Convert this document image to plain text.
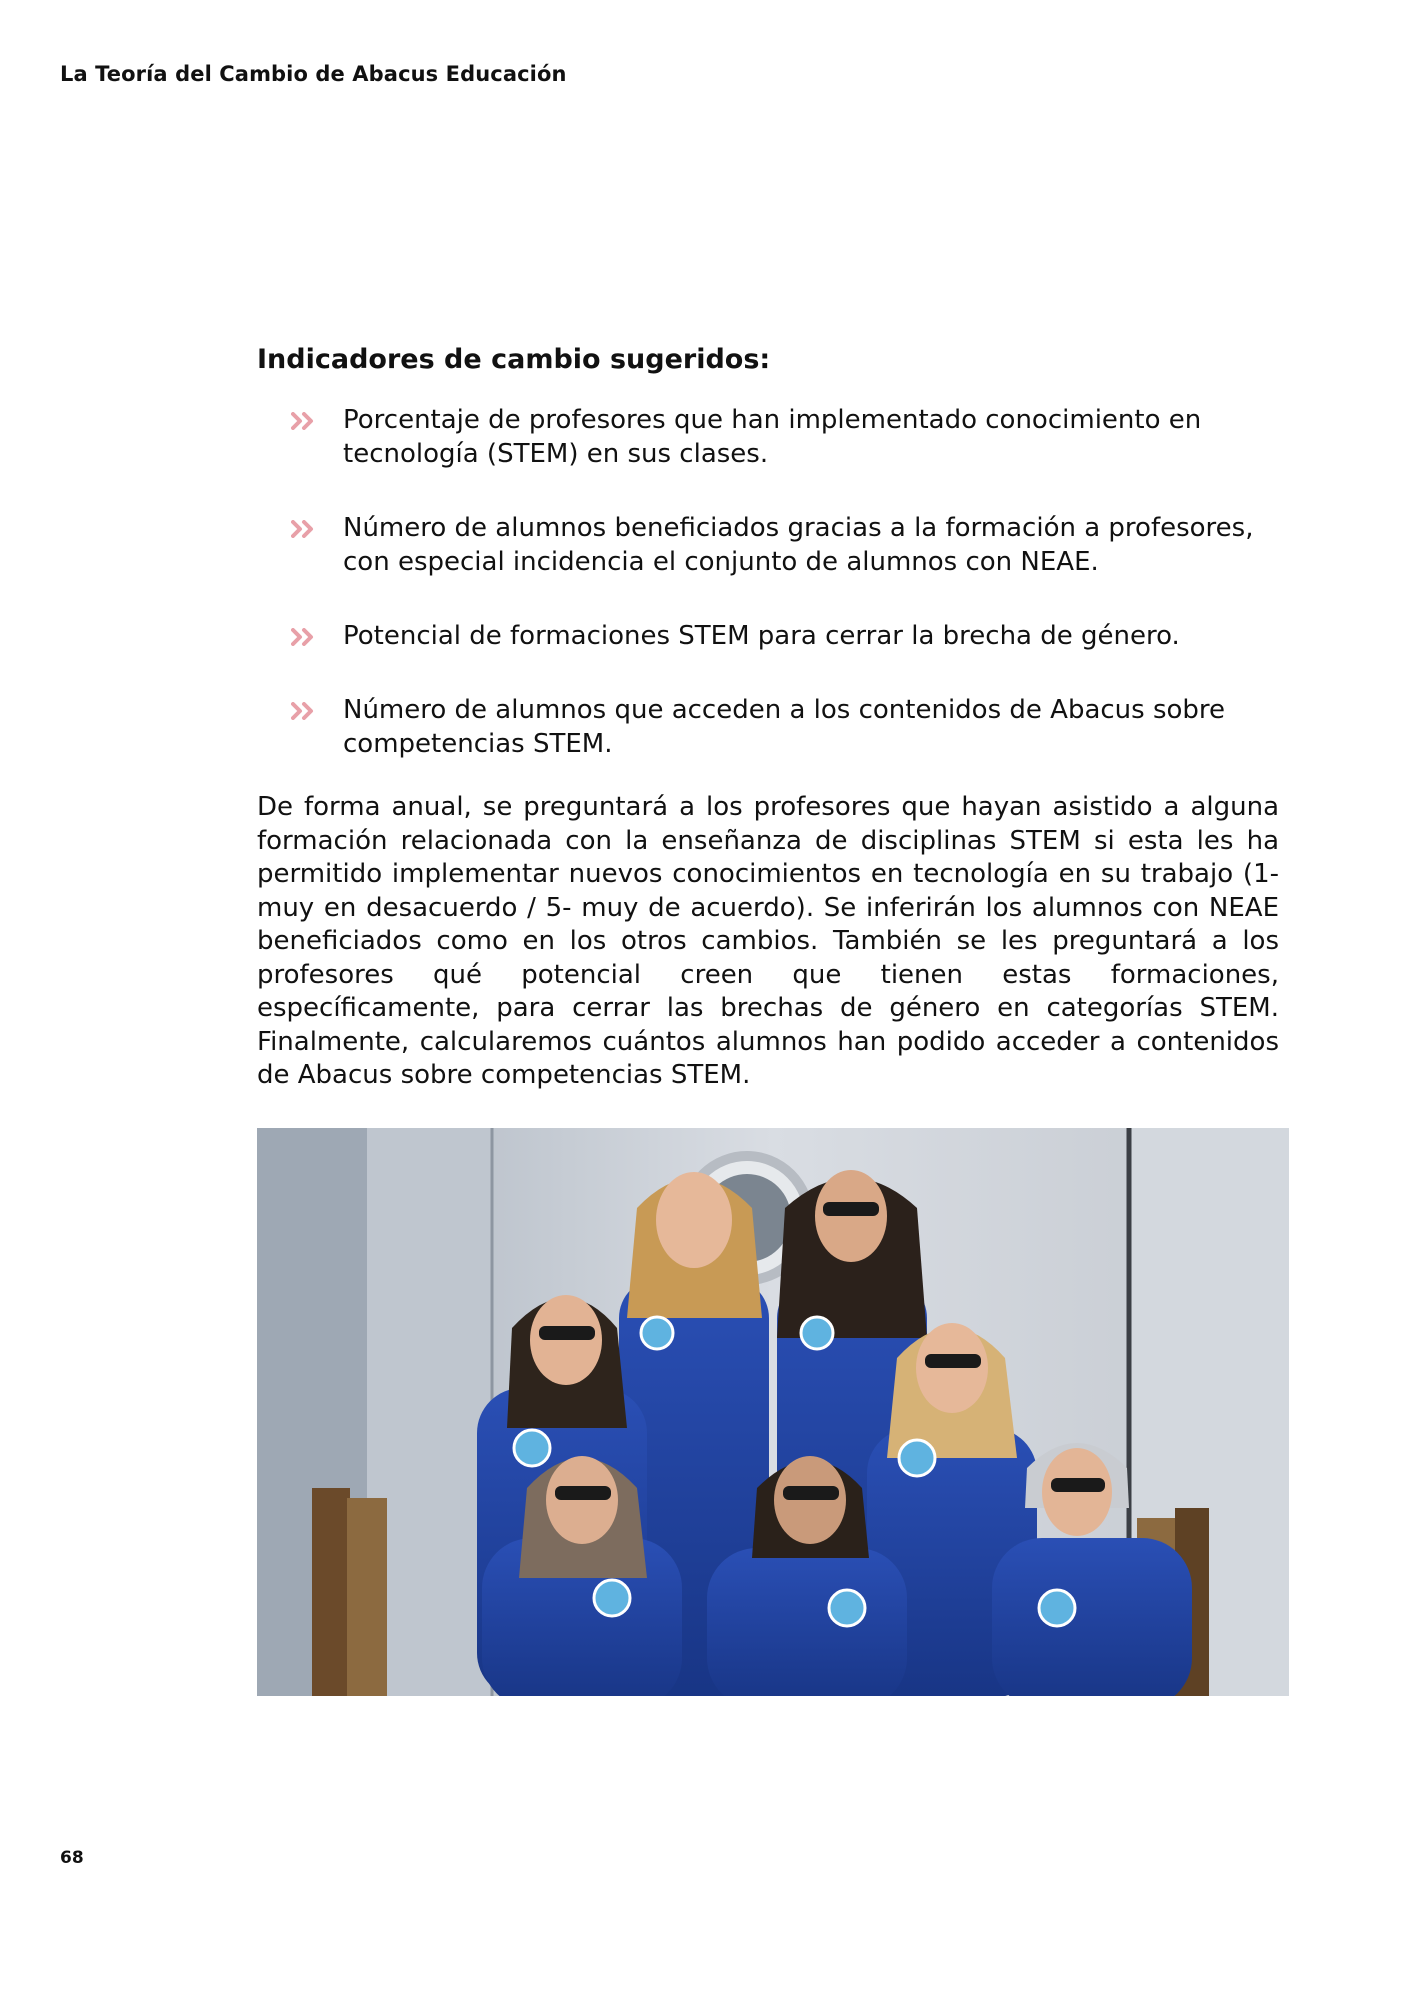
La Teoría del Cambio de Abacus Educación
Indicadores de cambio sugeridos:
Porcentaje de profesores que han implementado conocimiento en tecnología (STEM) en sus clases.
Número de alumnos beneficiados gracias a la formación a profesores, con especial incidencia el conjunto de alumnos con NEAE.
Potencial de formaciones STEM para cerrar la brecha de género.
Número de alumnos que acceden a los contenidos de Abacus sobre competencias STEM.

De forma anual, se preguntará a los profesores que hayan asistido a alguna formación relacionada con la enseñanza de disciplinas STEM si esta les ha permitido implementar nuevos conocimientos en tecnología en su trabajo (1- muy en desacuerdo / 5- muy de acuerdo). Se inferirán los alumnos con NEAE beneficiados como en los otros cambios. También se les preguntará a los profesores qué potencial creen que tienen estas formaciones, específicamente, para cerrar las brechas de género en categorías STEM. Finalmente, calcularemos cuántos alumnos han podido acceder a contenidos de Abacus sobre competencias STEM.

68
